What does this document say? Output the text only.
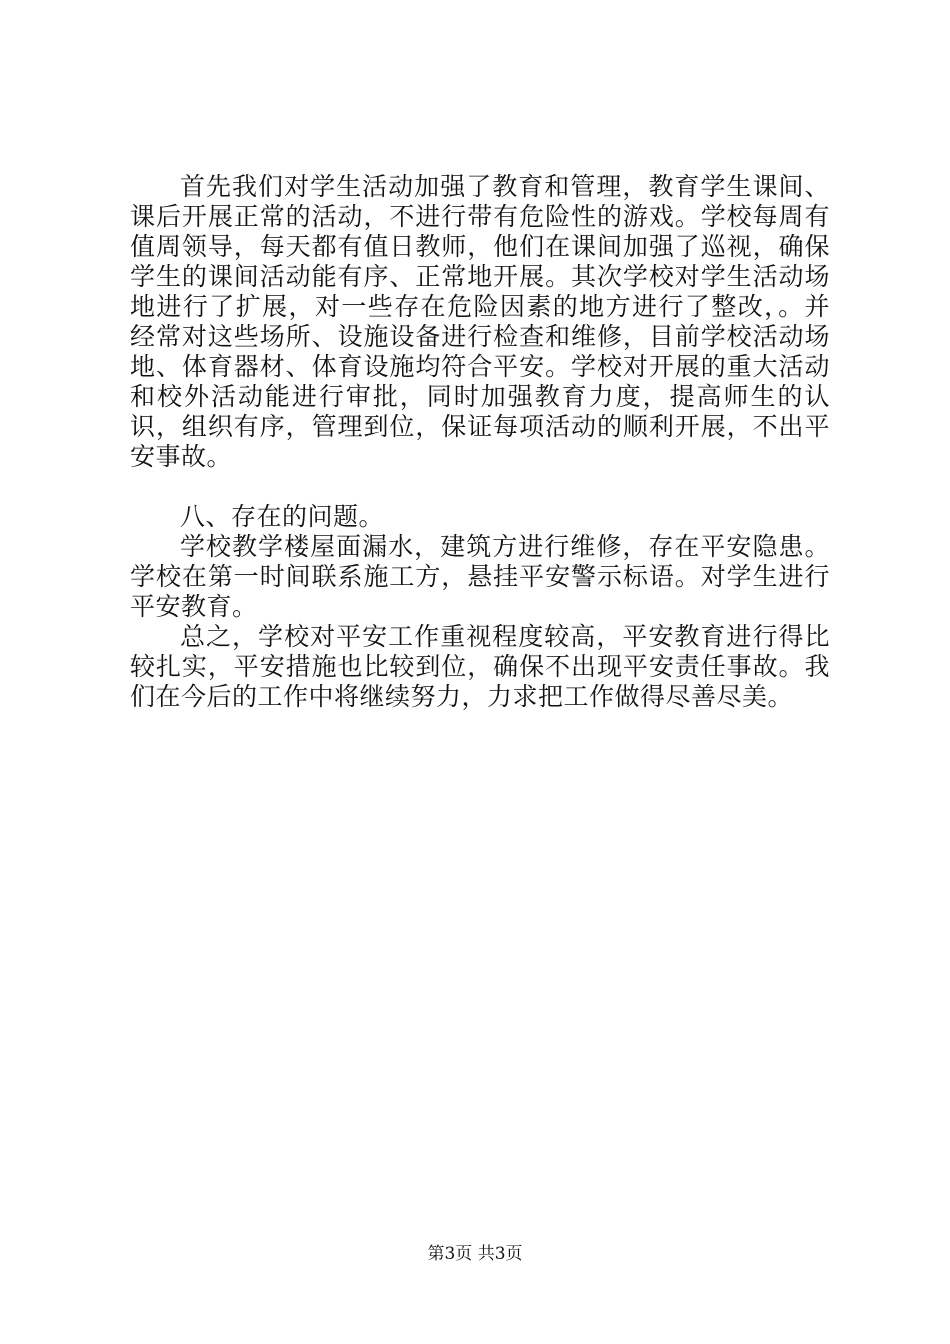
首先我们对学生活动加强了教育和管理，教育学生课间、课后开展正常的活动，不进行带有危险性的游戏。学校每周有值周领导，每天都有值日教师，他们在课间加强了巡视，确保学生的课间活动能有序、正常地开展。其次学校对学生活动场地进行了扩展，对一些存在危险因素的地方进行了整改，。并经常对这些场所、设施设备进行检查和维修，目前学校活动场地、体育器材、体育设施均符合平安。学校对开展的重大活动和校外活动能进行审批，同时加强教育力度，提高师生的认识，组织有序，管理到位，保证每项活动的顺利开展，不出平安事故。

八、存在的问题。

学校教学楼屋面漏水，建筑方进行维修，存在平安隐患。学校在第一时间联系施工方，悬挂平安警示标语。对学生进行平安教育。

总之，学校对平安工作重视程度较高，平安教育进行得比较扎实，平安措施也比较到位，确保不出现平安责任事故。我们在今后的工作中将继续努力，力求把工作做得尽善尽美。

第3页 共3页
